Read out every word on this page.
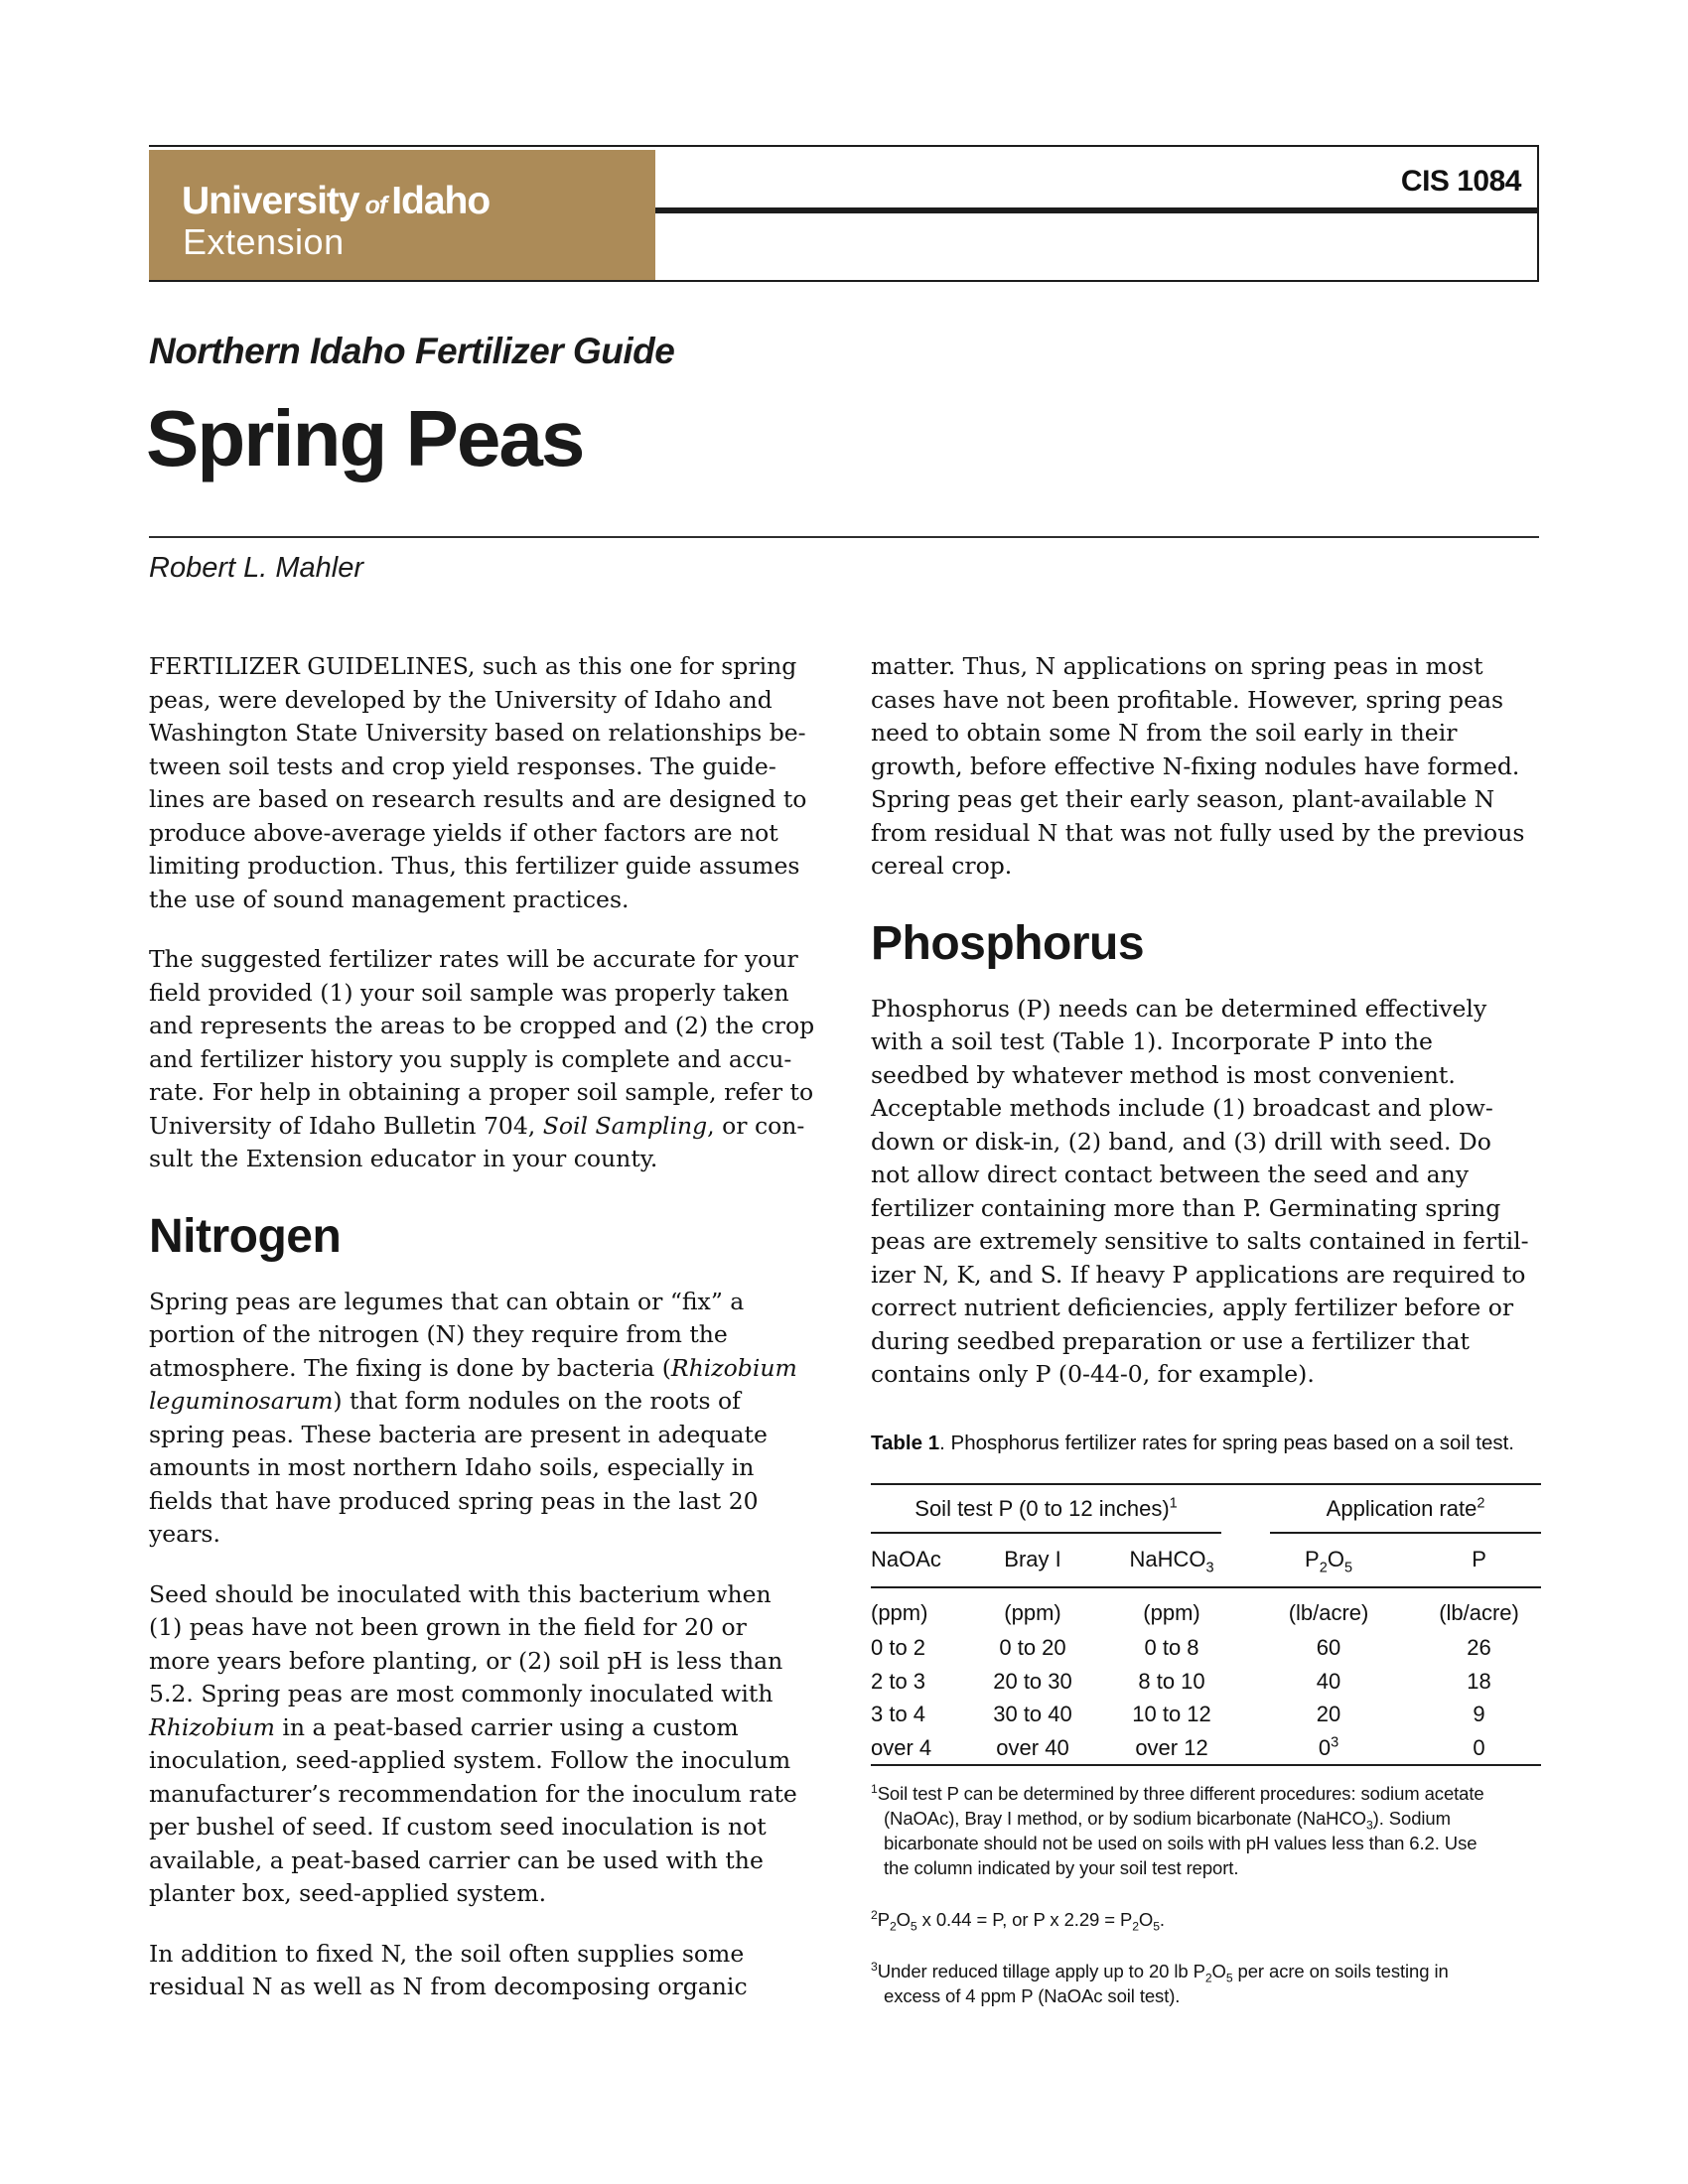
University of Idaho
Extension
CIS 1084
Northern Idaho Fertilizer Guide
Spring Peas
Robert L. Mahler

FERTILIZER GUIDELINES, such as this one for spring
peas, were developed by the University of Idaho and
Washington State University based on relationships be-
tween soil tests and crop yield responses. The guide-
lines are based on research results and are designed to
produce above-average yields if other factors are not
limiting production. Thus, this fertilizer guide assumes
the use of sound management practices.

The suggested fertilizer rates will be accurate for your
field provided (1) your soil sample was properly taken
and represents the areas to be cropped and (2) the crop
and fertilizer history you supply is complete and accu-
rate. For help in obtaining a proper soil sample, refer to
University of Idaho Bulletin 704, Soil Sampling, or con-
sult the Extension educator in your county.

Nitrogen

Spring peas are legumes that can obtain or “fix” a
portion of the nitrogen (N) they require from the
atmosphere. The fixing is done by bacteria (Rhizobium
leguminosarum) that form nodules on the roots of
spring peas. These bacteria are present in adequate
amounts in most northern Idaho soils, especially in
fields that have produced spring peas in the last 20
years.

Seed should be inoculated with this bacterium when
(1) peas have not been grown in the field for 20 or
more years before planting, or (2) soil pH is less than
5.2. Spring peas are most commonly inoculated with
Rhizobium in a peat-based carrier using a custom
inoculation, seed-applied system. Follow the inoculum
manufacturer’s recommendation for the inoculum rate
per bushel of seed. If custom seed inoculation is not
available, a peat-based carrier can be used with the
planter box, seed-applied system.

In addition to fixed N, the soil often supplies some
residual N as well as N from decomposing organic

matter. Thus, N applications on spring peas in most
cases have not been profitable. However, spring peas
need to obtain some N from the soil early in their
growth, before effective N-fixing nodules have formed.
Spring peas get their early season, plant-available N
from residual N that was not fully used by the previous
cereal crop.

Phosphorus

Phosphorus (P) needs can be determined effectively
with a soil test (Table 1). Incorporate P into the
seedbed by whatever method is most convenient.
Acceptable methods include (1) broadcast and plow-
down or disk-in, (2) band, and (3) drill with seed. Do
not allow direct contact between the seed and any
fertilizer containing more than P. Germinating spring
peas are extremely sensitive to salts contained in fertil-
izer N, K, and S. If heavy P applications are required to
correct nutrient deficiencies, apply fertilizer before or
during seedbed preparation or use a fertilizer that
contains only P (0-44-0, for example).

Table 1. Phosphorus fertilizer rates for spring peas based on a soil test.

Soil test P (0 to 12 inches)$^1$			Application rate$^2$

NaOAc	Bray I	NaHCO$_3$	$P_2O_5$	P
(ppm)	(ppm)	(ppm)	(lb/acre)	(lb/acre)
0 to 2	0 to 20	0 to 8	60	26
2 to 3	20 to 30	8 to 10	40	18
3 to 4	30 to 40	10 to 12	20	9
over 4	over 40	over 12	$0^3$	0

$^1$Soil test P can be determined by three different procedures: sodium acetate
(NaOAc), Bray I method, or by sodium bicarbonate (NaHCO$_3$). Sodium
bicarbonate should not be used on soils with pH values less than 6.2. Use
the column indicated by your soil test report.

$^2P_2O_5$ x 0.44 = P, or P x $2.29 = P_2O_5$.

$^3$Under reduced tillage apply up to 20 lb $P_2O_5$ per acre on soils testing in
excess of 4 ppm P (NaOAc soil test).
